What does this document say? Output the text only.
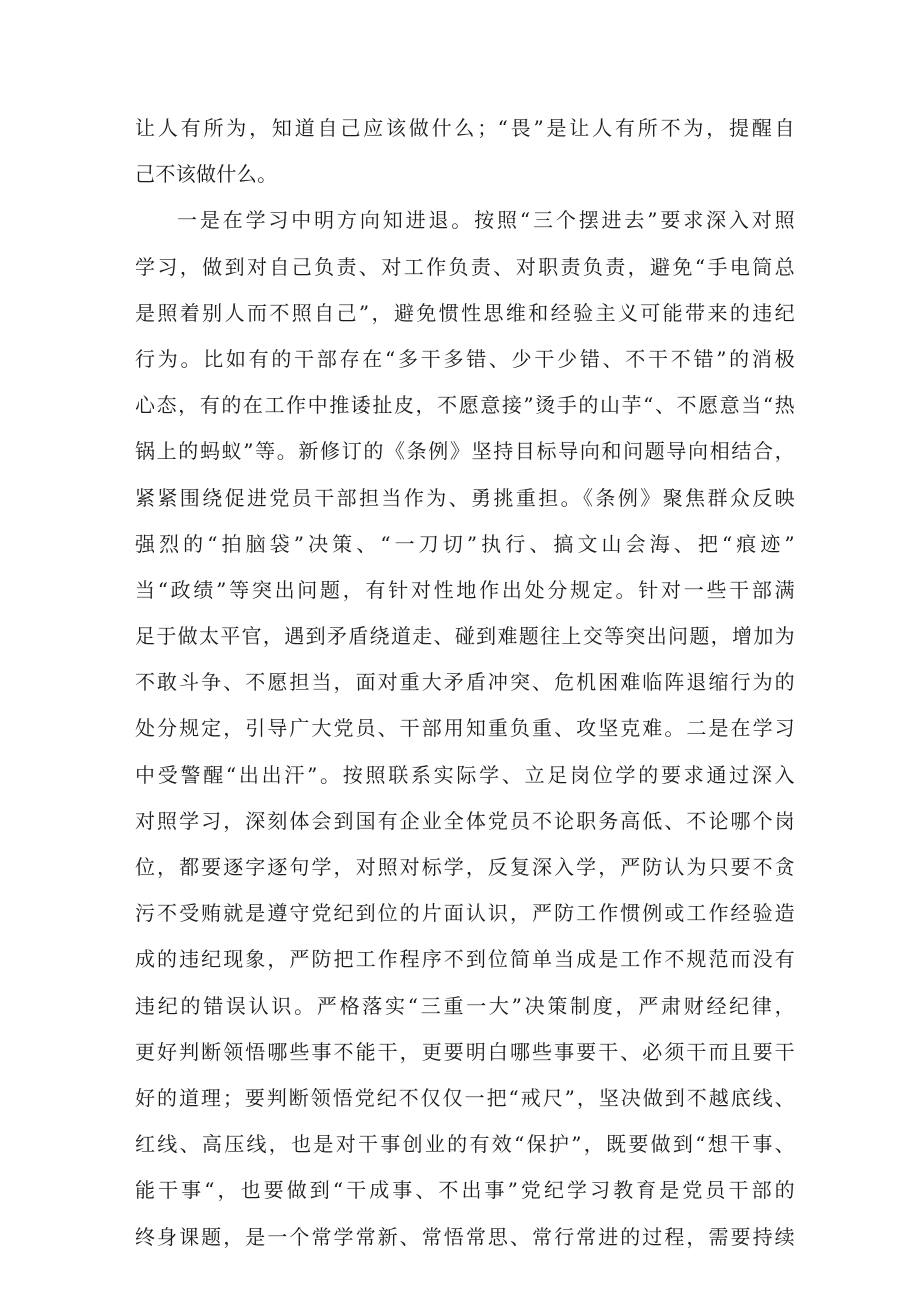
让人有所为，知道自己应该做什么；“畏”是让人有所不为，提醒自
己不该做什么。
一是在学习中明方向知进退。按照“三个摆进去”要求深入对照
学习，做到对自己负责、对工作负责、对职责负责，避免“手电筒总
是照着别人而不照自己”，避免惯性思维和经验主义可能带来的违纪
行为。比如有的干部存在“多干多错、少干少错、不干不错”的消极
心态，有的在工作中推诿扯皮，不愿意接”烫手的山芋“、不愿意当“热
锅上的蚂蚁”等。新修订的《条例》坚持目标导向和问题导向相结合，
紧紧围绕促进党员干部担当作为、勇挑重担。《条例》聚焦群众反映
强烈的“拍脑袋”决策、“一刀切”执行、搞文山会海、把“痕迹”
当“政绩”等突出问题，有针对性地作出处分规定。针对一些干部满
足于做太平官，遇到矛盾绕道走、碰到难题往上交等突出问题，增加为
不敢斗争、不愿担当，面对重大矛盾冲突、危机困难临阵退缩行为的
处分规定，引导广大党员、干部用知重负重、攻坚克难。二是在学习
中受警醒“出出汗”。按照联系实际学、立足岗位学的要求通过深入
对照学习，深刻体会到国有企业全体党员不论职务高低、不论哪个岗
位，都要逐字逐句学，对照对标学，反复深入学，严防认为只要不贪
污不受贿就是遵守党纪到位的片面认识，严防工作惯例或工作经验造
成的违纪现象，严防把工作程序不到位简单当成是工作不规范而没有
违纪的错误认识。严格落实“三重一大”决策制度，严肃财经纪律，
更好判断领悟哪些事不能干，更要明白哪些事要干、必须干而且要干
好的道理；要判断领悟党纪不仅仅一把“戒尺”，坚决做到不越底线、
红线、高压线，也是对干事创业的有效“保护”，既要做到“想干事、
能干事“，也要做到“干成事、不出事”党纪学习教育是党员干部的
终身课题，是一个常学常新、常悟常思、常行常进的过程，需要持续
